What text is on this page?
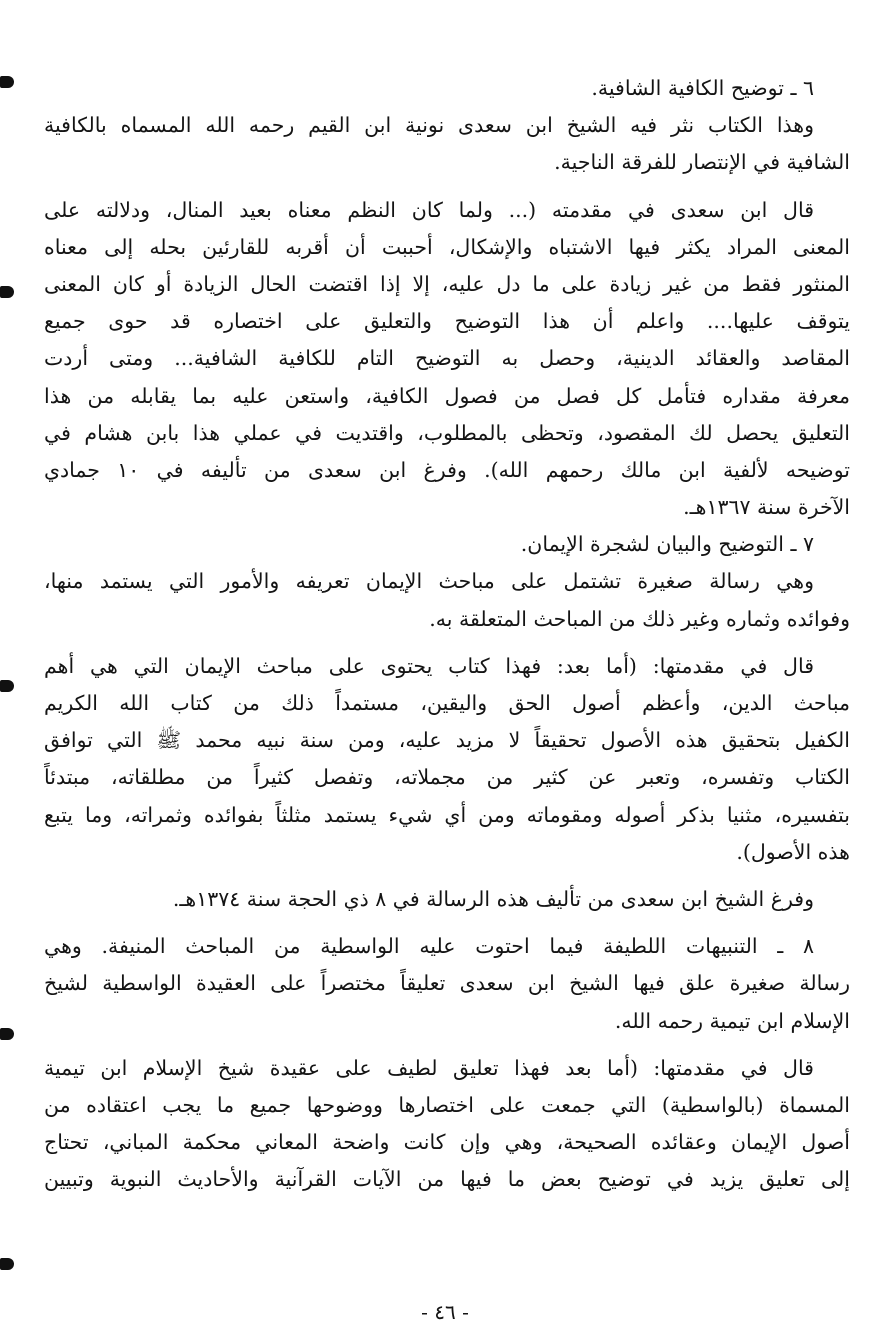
٦ ـ توضيح الكافية الشافية.
وهذا الكتاب نثر فيه الشيخ ابن سعدى نونية ابن القيم رحمه الله المسماه بالكافية
الشافية في الإنتصار للفرقة الناجية.
قال ابن سعدى في مقدمته (... ولما كان النظم معناه بعيد المنال، ودلالته على
المعنى المراد يكثر فيها الاشتباه والإشكال، أحببت أن أقربه للقارئين بحله إلى معناه
المنثور فقط من غير زيادة على ما دل عليه، إلا إذا اقتضت الحال الزيادة أو كان المعنى
يتوقف عليها.... واعلم أن هذا التوضيح والتعليق على اختصاره قد حوى جميع
المقاصد والعقائد الدينية، وحصل به التوضيح التام للكافية الشافية... ومتى أردت
معرفة مقداره فتأمل كل فصل من فصول الكافية، واستعن عليه بما يقابله من هذا
التعليق يحصل لك المقصود، وتحظى بالمطلوب، واقتديت في عملي هذا بابن هشام في
توضيحه لألفية ابن مالك رحمهم الله). وفرغ ابن سعدى من تأليفه في ١٠ جمادي
الآخرة سنة ١٣٦٧هـ.
٧ ـ التوضيح والبيان لشجرة الإيمان.
وهي رسالة صغيرة تشتمل على مباحث الإيمان تعريفه والأمور التي يستمد منها،
وفوائده وثماره وغير ذلك من المباحث المتعلقة به.
قال في مقدمتها: (أما بعد: فهذا كتاب يحتوى على مباحث الإيمان التي هي أهم
مباحث الدين، وأعظم أصول الحق واليقين، مستمداً ذلك من كتاب الله الكريم
الكفيل بتحقيق هذه الأصول تحقيقاً لا مزيد عليه، ومن سنة نبيه محمد ﷺ التي توافق
الكتاب وتفسره، وتعبر عن كثير من مجملاته، وتفصل كثيراً من مطلقاته، مبتدئاً
بتفسيره، مثنيا بذكر أصوله ومقوماته ومن أي شيء يستمد مثلثاً بفوائده وثمراته، وما يتبع
هذه الأصول).
وفرغ الشيخ ابن سعدى من تأليف هذه الرسالة في ٨ ذي الحجة سنة ١٣٧٤هـ.
٨ ـ التنبيهات اللطيفة فيما احتوت عليه الواسطية من المباحث المنيفة. وهي
رسالة صغيرة علق فيها الشيخ ابن سعدى تعليقاً مختصراً على العقيدة الواسطية لشيخ
الإسلام ابن تيمية رحمه الله.
قال في مقدمتها: (أما بعد فهذا تعليق لطيف على عقيدة شيخ الإسلام ابن تيمية
المسماة (بالواسطية) التي جمعت على اختصارها ووضوحها جميع ما يجب اعتقاده من
أصول الإيمان وعقائده الصحيحة، وهي وإن كانت واضحة المعاني محكمة المباني، تحتاج
إلى تعليق يزيد في توضيح بعض ما فيها من الآيات القرآنية والأحاديث النبوية وتبيين
- ٤٦ -
